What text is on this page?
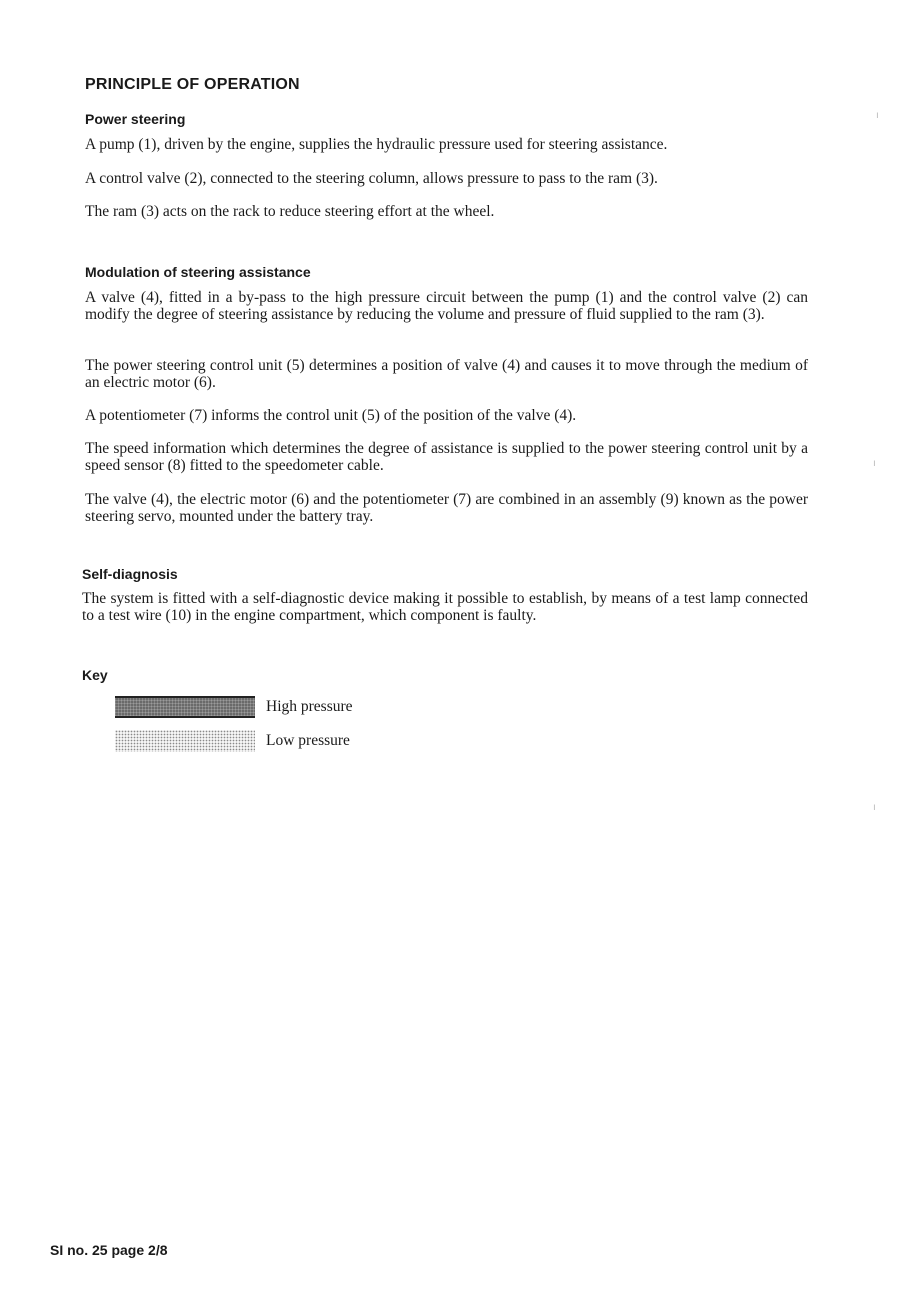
PRINCIPLE OF OPERATION
Power steering

A pump (1), driven by the engine, supplies the hydraulic pressure used for steering assistance.

A control valve (2), connected to the steering column, allows pressure to pass to the ram (3).

The ram (3) acts on the rack to reduce steering effort at the wheel.

Modulation of steering assistance

A valve (4), fitted in a by-pass to the high pressure circuit between the pump (1) and the control valve (2) can modify the degree of steering assistance by reducing the volume and pressure of fluid supplied to the ram (3).

The power steering control unit (5) determines a position of valve (4) and causes it to move through the medium of an electric motor (6).

A potentiometer (7) informs the control unit (5) of the position of the valve (4).

The speed information which determines the degree of assistance is supplied to the power steering control unit by a speed sensor (8) fitted to the speedometer cable.

The valve (4), the electric motor (6) and the potentiometer (7) are combined in an assembly (9) known as the power steering servo, mounted under the battery tray.

Self-diagnosis

The system is fitted with a self-diagnostic device making it possible to establish, by means of a test lamp connected to a test wire (10) in the engine compartment, which component is faulty.

Key
High pressure
Low pressure
ı
ı
ı
SI no. 25 page 2/8
